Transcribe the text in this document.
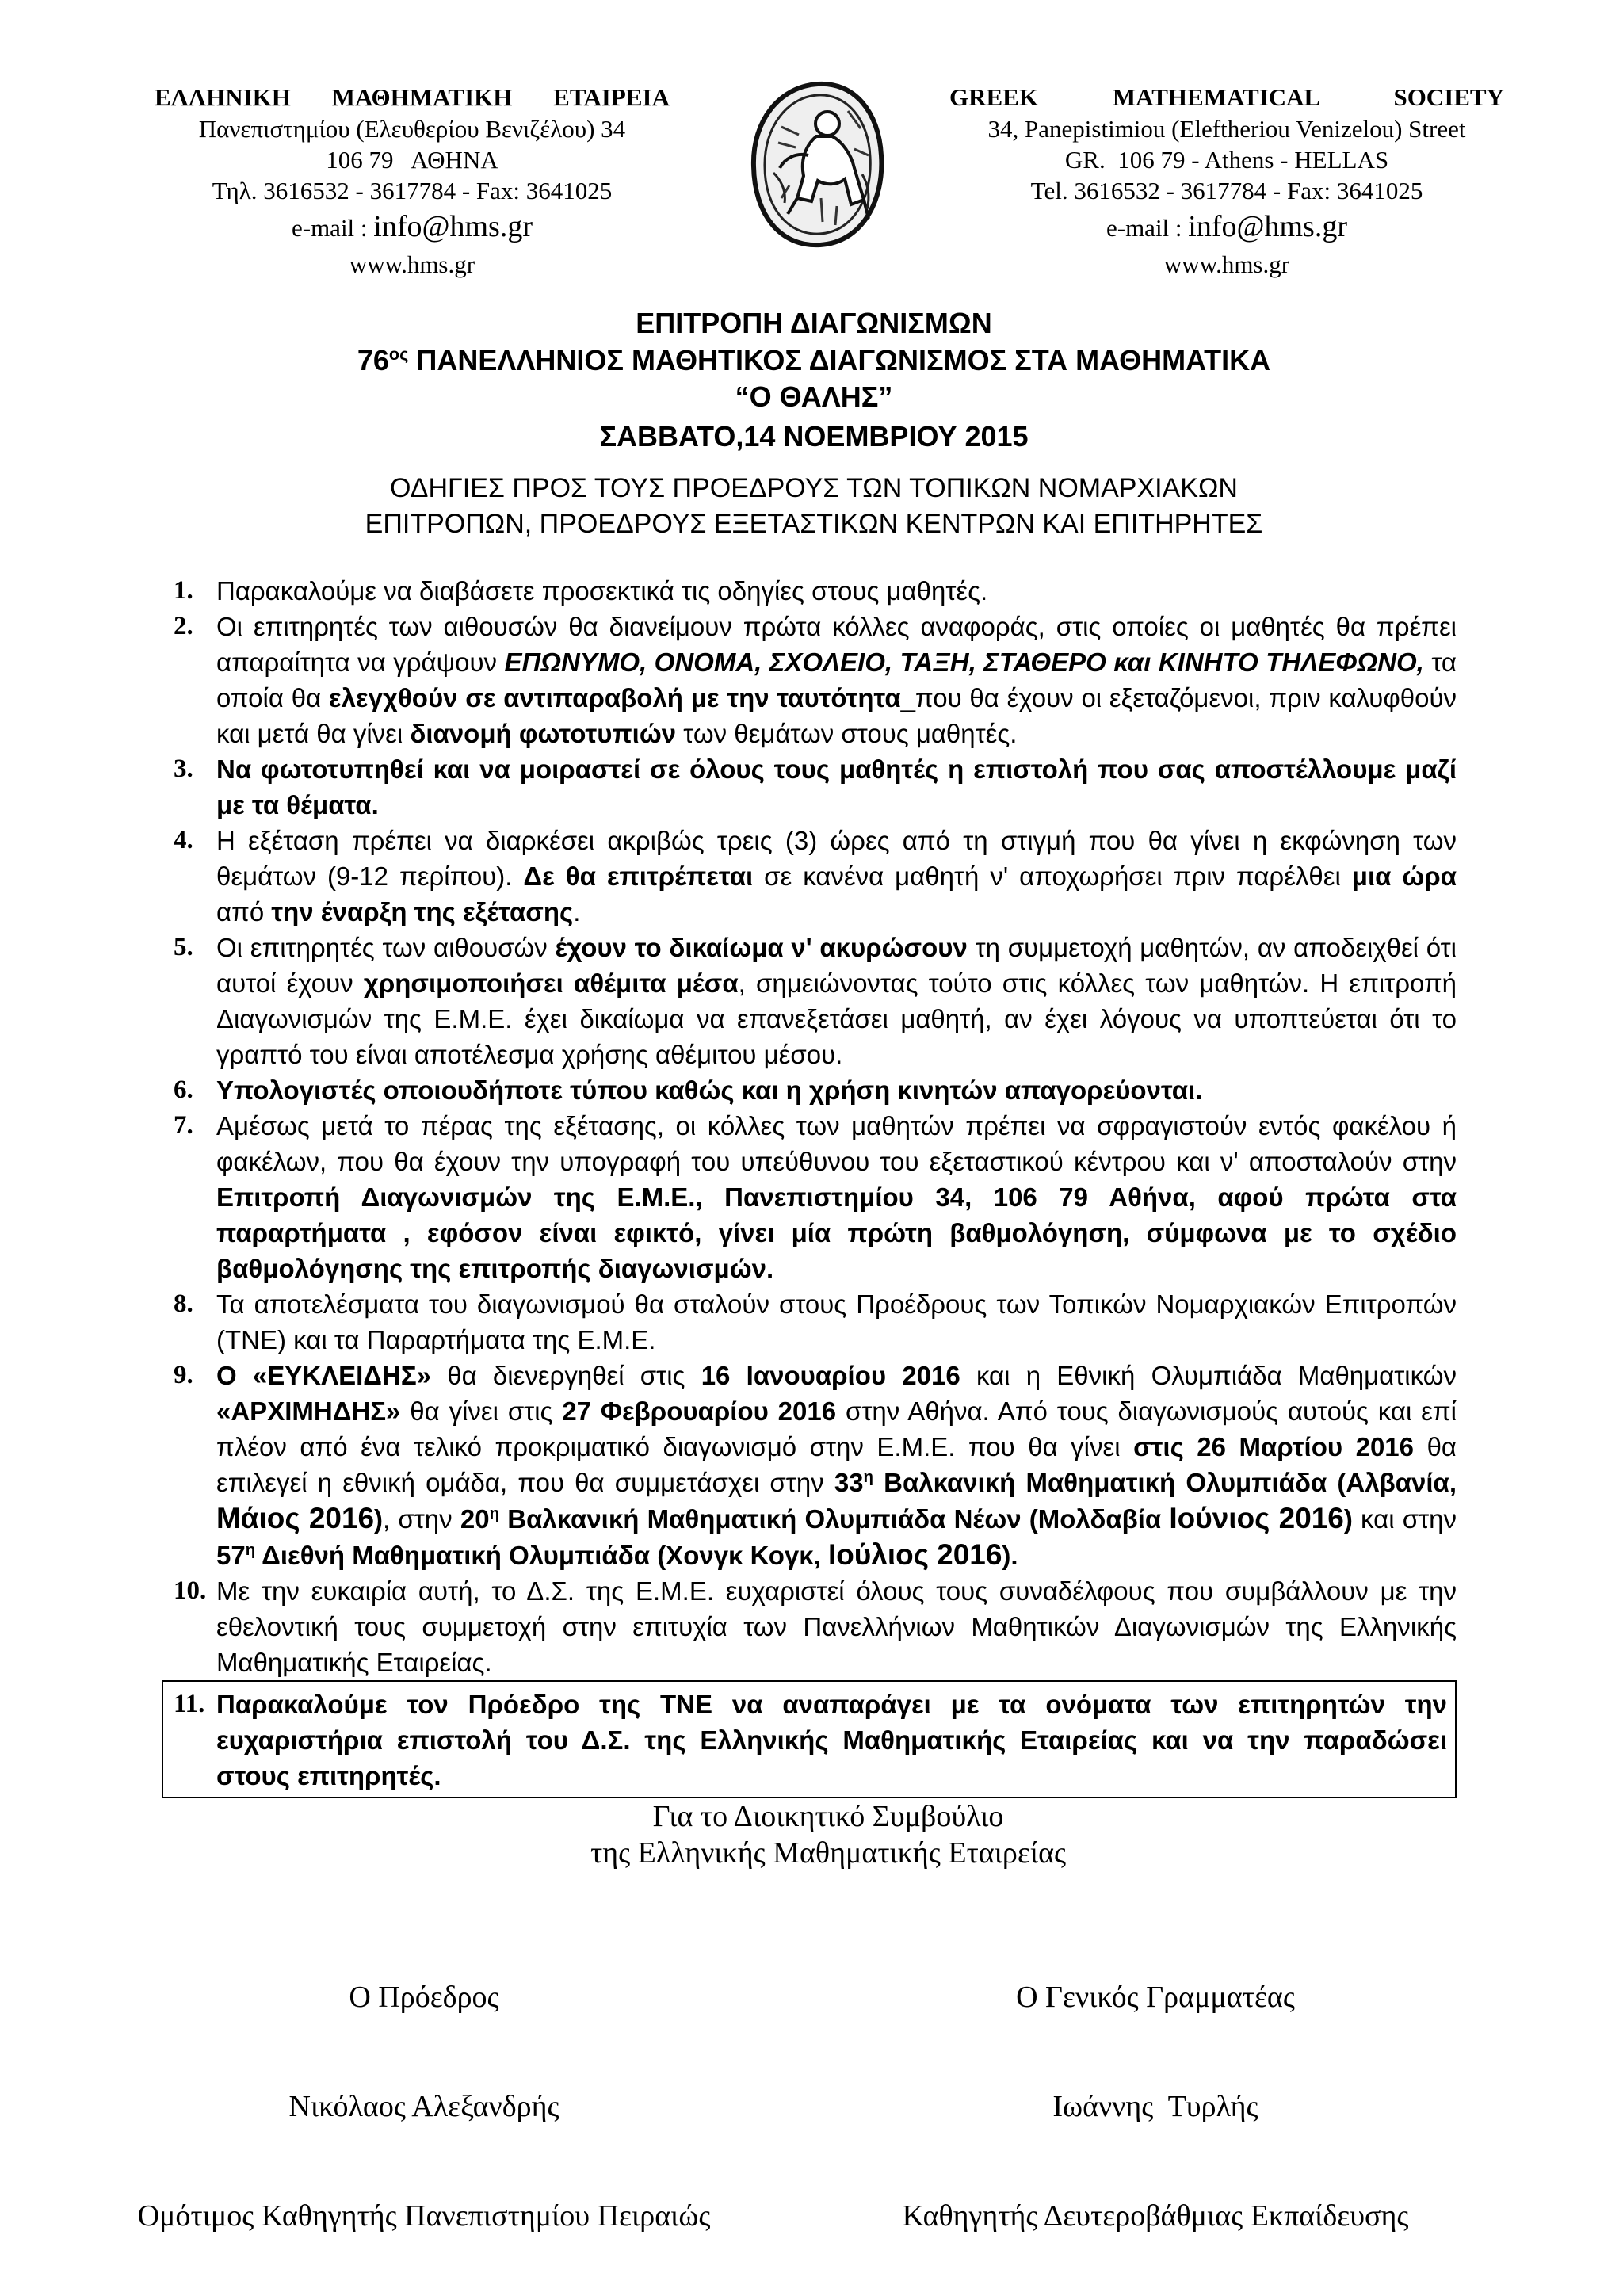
ΕΛΛΗΝΙΚΗ ΜΑΘΗΜΑΤΙΚΗ ΕΤΑΙΡΕΙΑ
Πανεπιστημίου (Ελευθερίου Βενιζέλου) 34
106 79   ΑΘΗΝΑ
Τηλ. 3616532 - 3617784 - Fax: 3641025
e-mail : info@hms.gr
www.hms.gr
GREEK MATHEMATICAL SOCIETY
34, Panepistimiou (Eleftheriou Venizelou) Street
GR.  106 79 - Athens - HELLAS
Tel. 3616532 - 3617784 - Fax: 3641025
e-mail : info@hms.gr
www.hms.gr
ΕΠΙΤΡΟΠΗ ΔΙΑΓΩΝΙΣΜΩΝ
$76^{o\varsigma}$ ΠΑΝΕΛΛΗΝΙΟΣ ΜΑΘΗΤΙΚΟΣ ΔΙΑΓΩΝΙΣΜΟΣ ΣΤΑ ΜΑΘΗΜΑΤΙΚΑ
“Ο ΘΑΛΗΣ”
ΣΑΒΒΑΤΟ,14 ΝΟΕΜΒΡΙΟΥ 2015
ΟΔΗΓΙΕΣ ΠΡΟΣ ΤΟΥΣ ΠΡΟΕΔΡΟΥΣ ΤΩΝ ΤΟΠΙΚΩΝ ΝΟΜΑΡΧΙΑΚΩΝ
ΕΠΙΤΡΟΠΩΝ, ΠΡΟΕΔΡΟΥΣ ΕΞΕΤΑΣΤΙΚΩΝ ΚΕΝΤΡΩΝ ΚΑΙ ΕΠΙΤΗΡΗΤΕΣ
1. Παρακαλούμε να διαβάσετε προσεκτικά τις οδηγίες στους μαθητές.
2. Οι επιτηρητές των αιθουσών θα διανείμουν πρώτα κόλλες αναφοράς, στις οποίες οι μαθητές θα πρέπει απαραίτητα να γράψουν ΕΠΩΝΥΜΟ, ΟΝΟΜΑ, ΣΧΟΛΕΙΟ, ΤΑΞΗ, ΣΤΑΘΕΡΟ και ΚΙΝΗΤΟ ΤΗΛΕΦΩΝΟ, τα οποία θα ελεγχθούν σε αντιπαραβολή με την ταυτότητα_που θα έχουν οι εξεταζόμενοι, πριν καλυφθούν και μετά θα γίνει διανομή φωτοτυπιών των θεμάτων στους μαθητές.
3. Να φωτοτυπηθεί και να μοιραστεί σε όλους τους μαθητές η επιστολή που σας αποστέλλουμε μαζί με τα θέματα.
4. Η εξέταση πρέπει να διαρκέσει ακριβώς τρεις (3) ώρες από τη στιγμή που θα γίνει η εκφώνηση των θεμάτων (9-12 περίπου). Δε θα επιτρέπεται σε κανένα μαθητή ν' αποχωρήσει πριν παρέλθει μια ώρα από την έναρξη της εξέτασης.
5. Οι επιτηρητές των αιθουσών έχουν το δικαίωμα ν' ακυρώσουν τη συμμετοχή μαθητών, αν αποδειχθεί ότι αυτοί έχουν χρησιμοποιήσει αθέμιτα μέσα, σημειώνοντας τούτο στις κόλλες των μαθητών. Η επιτροπή Διαγωνισμών της Ε.Μ.Ε. έχει δικαίωμα να επανεξετάσει μαθητή, αν έχει λόγους να υποπτεύεται ότι το γραπτό του είναι αποτέλεσμα χρήσης αθέμιτου μέσου.
6. Υπολογιστές οποιουδήποτε τύπου καθώς και η χρήση κινητών απαγορεύονται.
7. Αμέσως μετά το πέρας της εξέτασης, οι κόλλες των μαθητών πρέπει να σφραγιστούν εντός φακέλου ή φακέλων, που θα έχουν την υπογραφή του υπεύθυνου του εξεταστικού κέντρου και ν' αποσταλούν στην Επιτροπή Διαγωνισμών της Ε.Μ.Ε., Πανεπιστημίου 34, 106 79 Αθήνα, αφού πρώτα στα παραρτήματα , εφόσον είναι εφικτό, γίνει μία πρώτη βαθμολόγηση, σύμφωνα με το σχέδιο βαθμολόγησης της επιτροπής διαγωνισμών.
8. Τα αποτελέσματα του διαγωνισμού θα σταλούν στους Προέδρους των Τοπικών Νομαρχιακών Επιτροπών (ΤΝΕ) και τα Παραρτήματα της Ε.Μ.Ε.
9. Ο «ΕΥΚΛΕΙΔΗΣ» θα διενεργηθεί στις 16 Ιανουαρίου 2016 και η Εθνική Ολυμπιάδα Μαθηματικών «ΑΡΧΙΜΗΔΗΣ» θα γίνει στις 27 Φεβρουαρίου 2016 στην Αθήνα. Από τους διαγωνισμούς αυτούς και επί πλέον από ένα τελικό προκριματικό διαγωνισμό στην Ε.Μ.Ε. που θα γίνει στις 26 Μαρτίου 2016 θα επιλεγεί η εθνική ομάδα, που θα συμμετάσχει στην $33^\eta$ Βαλκανική Μαθηματική Ολυμπιάδα (Αλβανία, Μάιος 2016), στην $20^\eta$ Βαλκανική Μαθηματική Ολυμπιάδα Νέων (Μολδαβία Ιούνιος 2016) και στην $57^\eta$ Διεθνή Μαθηματική Ολυμπιάδα (Χονγκ Κογκ, Ιούλιος 2016).
10. Με την ευκαιρία αυτή, το Δ.Σ. της Ε.Μ.Ε. ευχαριστεί όλους τους συναδέλφους που συμβάλλουν με την εθελοντική τους συμμετοχή στην επιτυχία των Πανελλήνιων Μαθητικών Διαγωνισμών της Ελληνικής Μαθηματικής Εταιρείας.
11. Παρακαλούμε τον Πρόεδρο της ΤΝΕ να αναπαράγει με τα ονόματα των επιτηρητών την ευχαριστήρια επιστολή του Δ.Σ. της Ελληνικής Μαθηματικής Εταιρείας και να την παραδώσει στους επιτηρητές.
Για το Διοικητικό Συμβούλιο
της Ελληνικής Μαθηματικής Εταιρείας

Ο Πρόεδρος

Νικόλαος Αλεξανδρής

Ομότιμος Καθηγητής Πανεπιστημίου Πειραιώς

Ο Γενικός Γραμματέας

Ιωάννης  Τυρλής

Καθηγητής Δευτεροβάθμιας Εκπαίδευσης
